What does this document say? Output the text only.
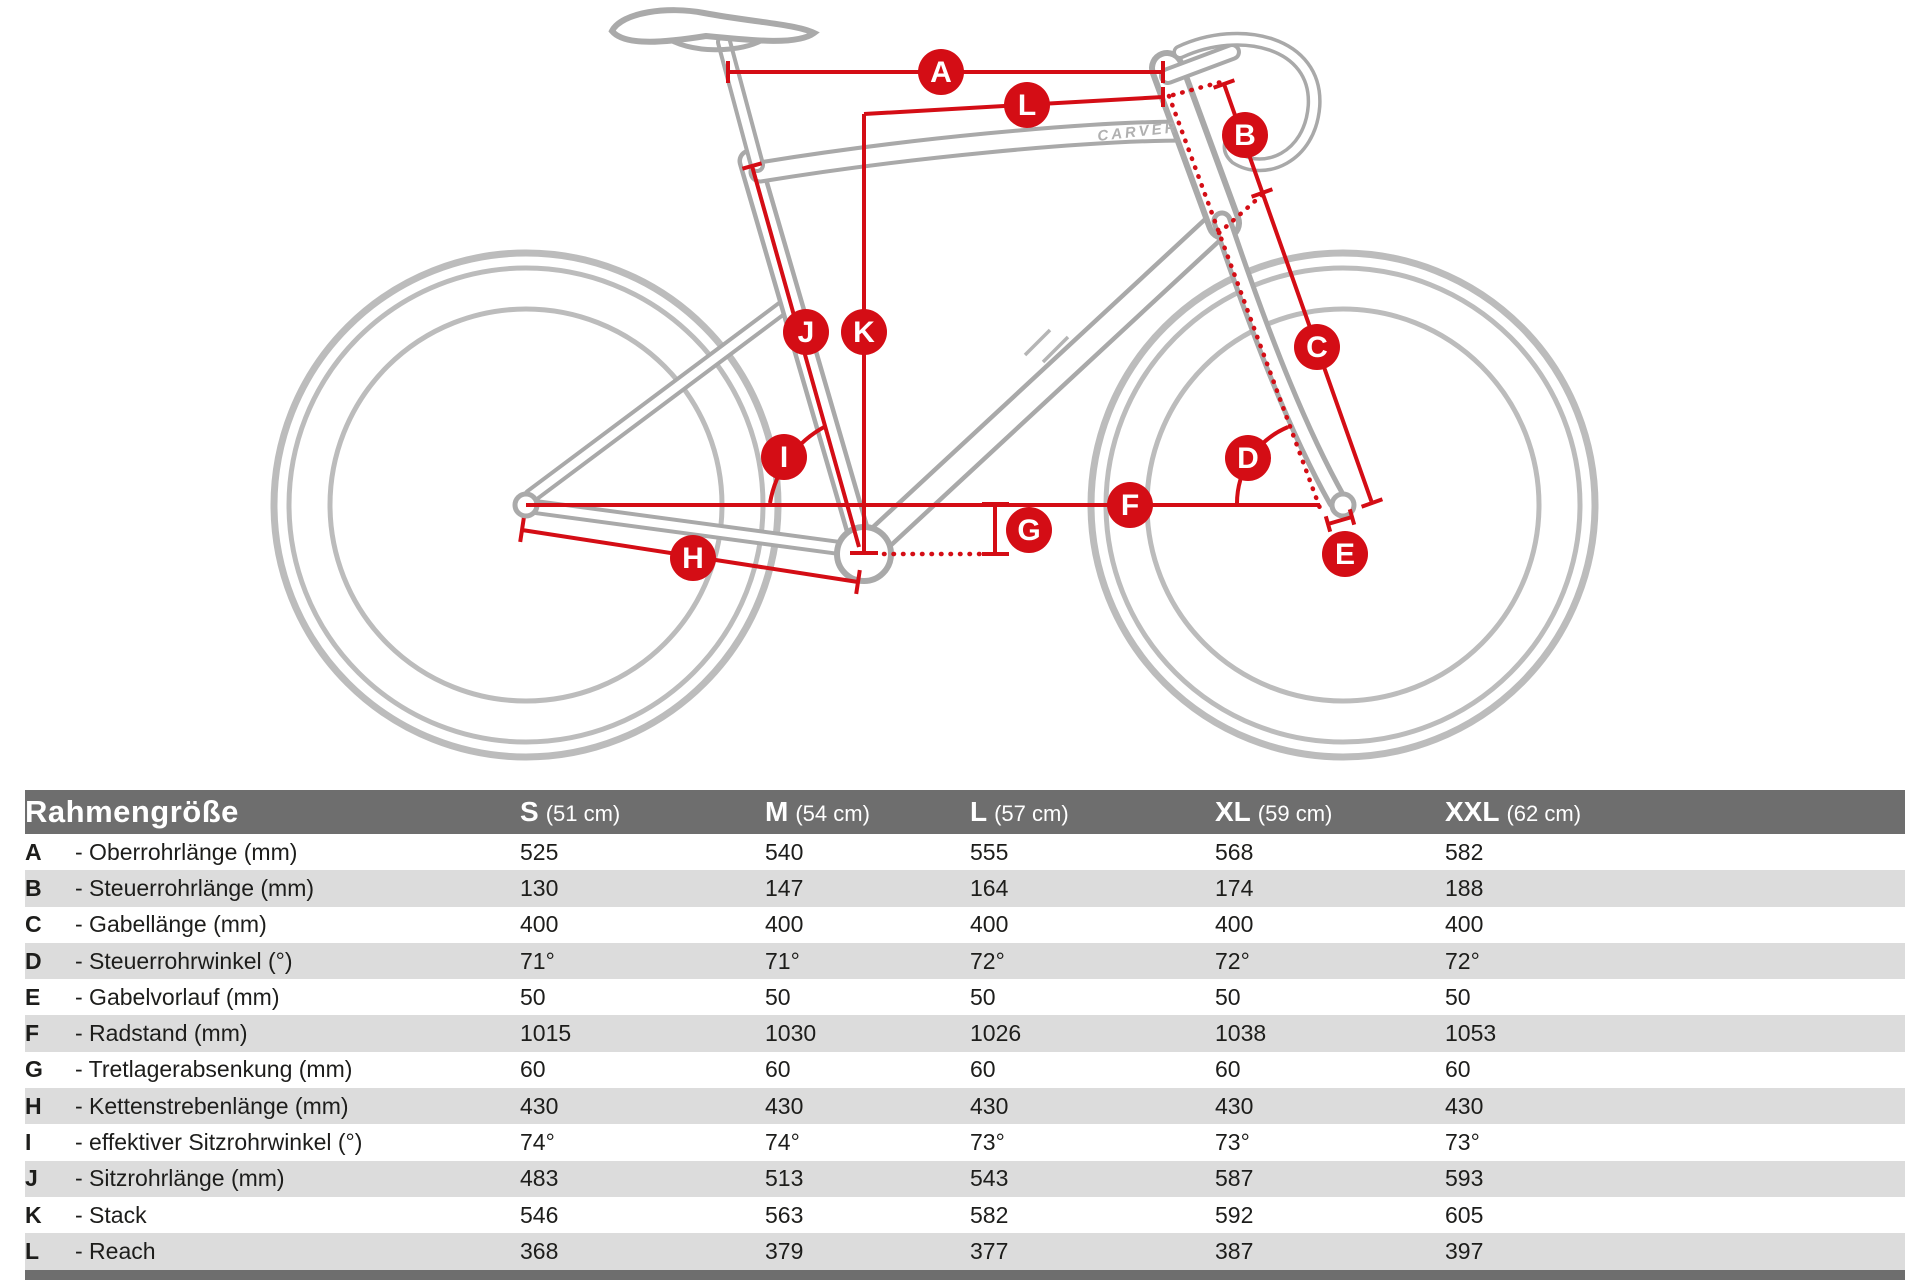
CARVER
A
B
C
D
E
F
G
H
I
J K
L
Rahmengröße	S (51 cm)	M (54 cm)	L (57 cm)	XL (59 cm)	XXL (62 cm)
A - Oberrohrlänge (mm)	525	540	555	568	582
B - Steuerrohrlänge (mm)	130	147	164	174	188
C - Gabellänge (mm)	400	400	400	400	400
D - Steuerrohrwinkel (°)	71°	71°	72°	72°	72°
E - Gabelvorlauf (mm)	50	50	50	50	50
F - Radstand (mm)	1015	1030	1026	1038	1053
G - Tretlagerabsenkung (mm)	60	60	60	60	60
H - Kettenstrebenlänge (mm)	430	430	430	430	430
I - effektiver Sitzrohrwinkel (°)	74°	74°	73°	73°	73°
J - Sitzrohrlänge (mm)	483	513	543	587	593
K - Stack	546	563	582	592	605
L - Reach	368	379	377	387	397
